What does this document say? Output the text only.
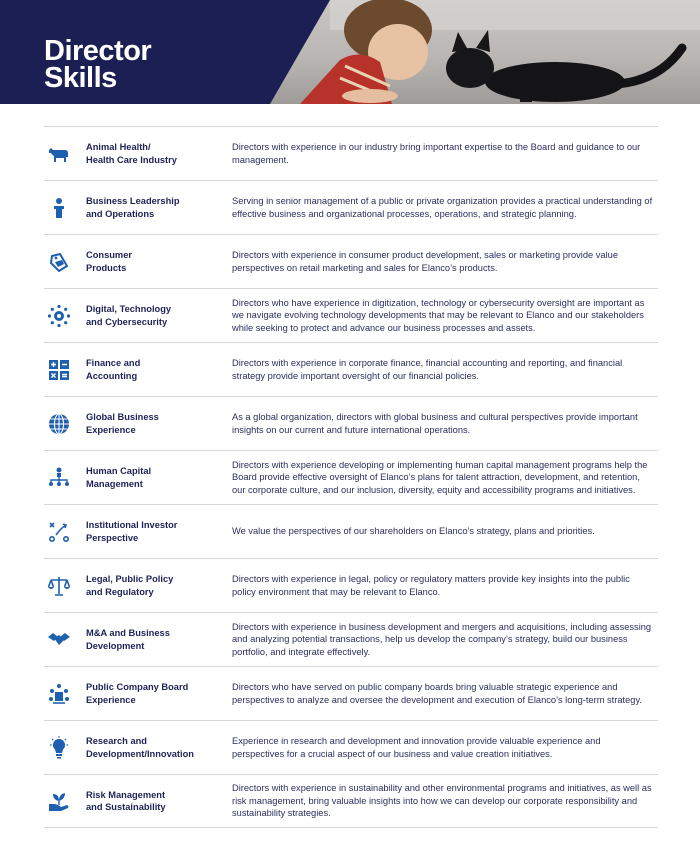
Director
Skills
Animal Health/
Health Care Industry
Directors with experience in our industry bring important expertise to the Board and guidance to our management.
Business Leadership
and Operations
Serving in senior management of a public or private organization provides a practical understanding of effective business and organizational processes, operations, and strategic planning.
Consumer
Products
Directors with experience in consumer product development, sales or marketing provide value perspectives on retail marketing and sales for Elanco’s products.
Digital, Technology
and Cybersecurity
Directors who have experience in digitization, technology or cybersecurity oversight are important as we navigate evolving technology developments that may be relevant to Elanco and our stakeholders while seeking to protect and advance our business processes and assets.
Finance and
Accounting
Directors with experience in corporate finance, financial accounting and reporting, and financial strategy provide important oversight of our financial policies.
Global Business
Experience
As a global organization, directors with global business and cultural perspectives provide important insights on our current and future international operations.
Human Capital
Management
Directors with experience developing or implementing human capital management programs help the Board provide effective oversight of Elanco’s plans for talent attraction, development, and retention, our corporate culture, and our inclusion, diversity, equity and accessibility programs and initiatives.
Institutional Investor
Perspective
We value the perspectives of our shareholders on Elanco’s strategy, plans and priorities.
Legal, Public Policy
and Regulatory
Directors with experience in legal, policy or regulatory matters provide key insights into the public policy environment that may be relevant to Elanco.
M&A and Business
Development
Directors with experience in business development and mergers and acquisitions, including assessing and analyzing potential transactions, help us develop the company’s strategy, build our business portfolio, and integrate effectively.
Public Company Board
Experience
Directors who have served on public company boards bring valuable strategic experience and perspectives to analyze and oversee the development and execution of Elanco’s long-term strategy.
Research and
Development/Innovation
Experience in research and development and innovation provide valuable experience and perspectives for a crucial aspect of our business and value creation initiatives.
Risk Management
and Sustainability
Directors with experience in sustainability and other environmental programs and initiatives, as well as risk management, bring valuable insights into how we can develop our corporate responsibility and sustainability strategies.
